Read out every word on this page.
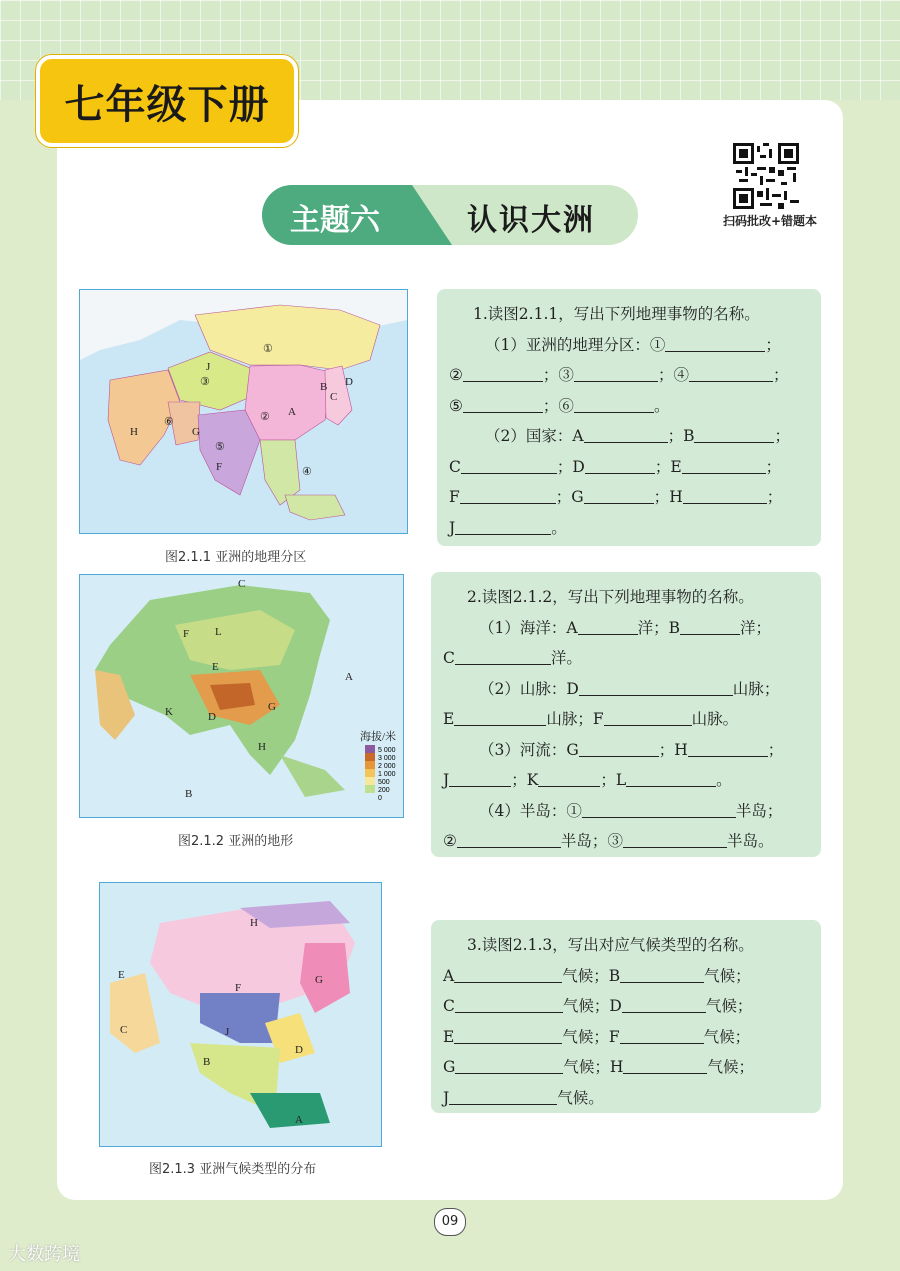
七年级下册
主题六	认识大洲	扫码批改+错题本
①
②
③
④
⑤
⑥
A
B
C
D
J
H	G
F
图2.1.1 亚洲的地理分区
海拔/米
E
L
F
K	D
G
H
A
B
C
5 000
3 000
2 000
1 000
500
200
0
图2.1.2 亚洲的地形
H
F
G
J
D
E
C
B
A
图2.1.3 亚洲气候类型的分布
1.读图2.1.1，写出下列地理事物的名称。
（1）亚洲的地理分区：①	；
②	；③	；④	；
⑤	；⑥	。
（2）国家：A	；B	；
C	；D	；E	；
F	；G	；H	；
J	。
2.读图2.1.2，写出下列地理事物的名称。
（1）海洋：A	洋；B	洋；
C	洋。
（2）山脉：D	山脉；
E	山脉；F	山脉。
（3）河流：G	；H	；
J	；K	；L	。
（4）半岛：①	半岛；
②	半岛；③	半岛。
3.读图2.1.3，写出对应气候类型的名称。
A	气候；B	气候；
C	气候；D	气候；
E	气候；F	气候；
G	气候；H	气候；
J	气候。
09
大数跨境
